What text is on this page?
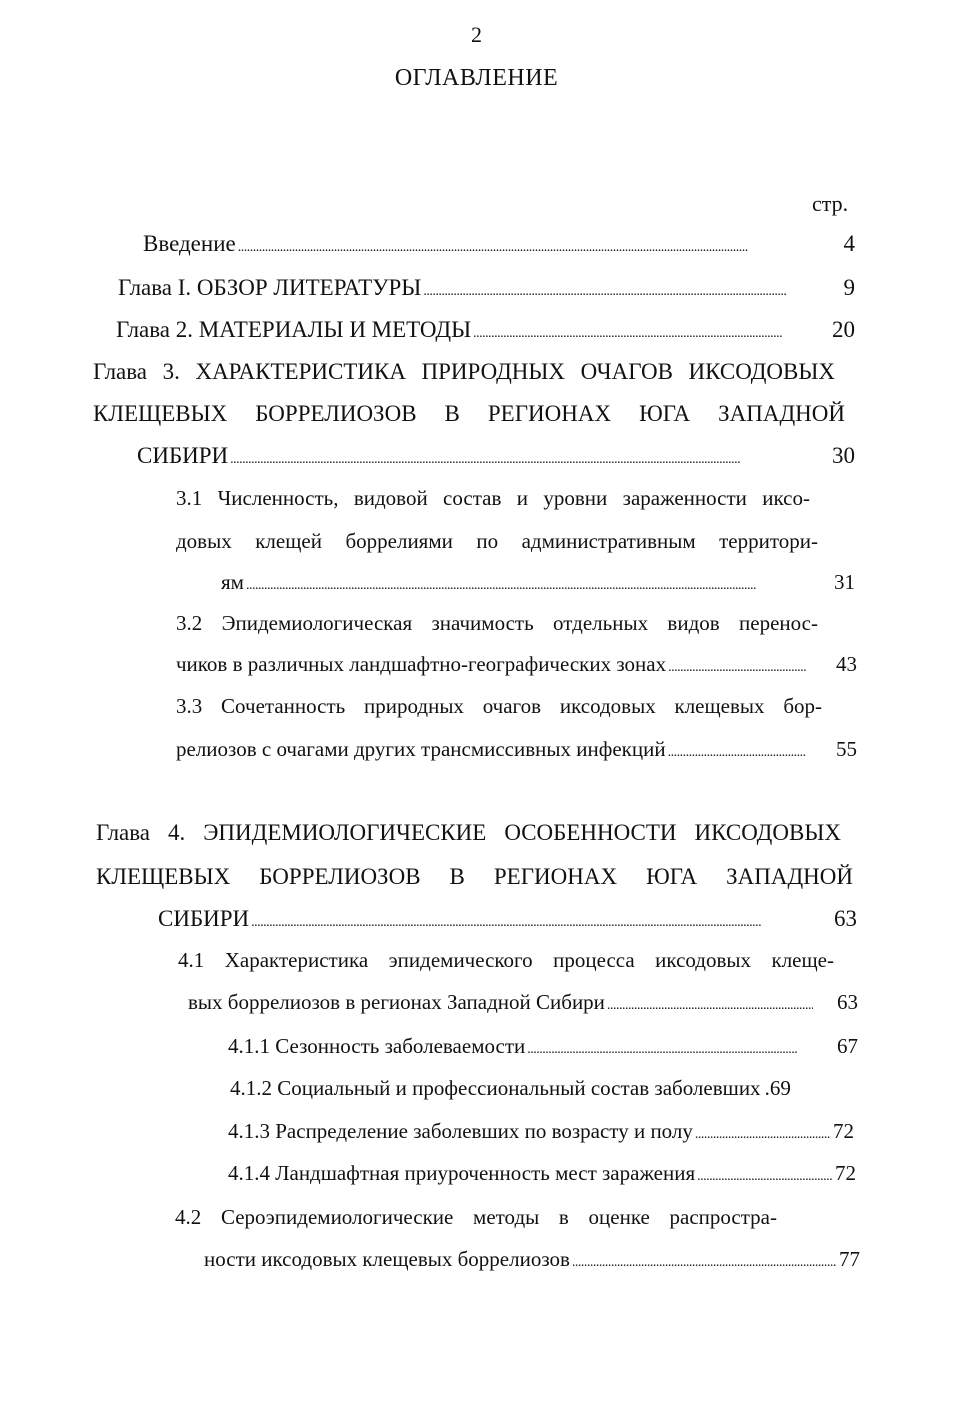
2
ОГЛАВЛЕНИЕ
стр.
Введение . . .	4
Глава I. ОБЗОР ЛИТЕРАТУРЫ . . .	9
Глава 2. МАТЕРИАЛЫ И МЕТОДЫ . . .	20
Глава 3. ХАРАКТЕРИСТИКА ПРИРОДНЫХ ОЧАГОВ ИКСОДОВЫХ
КЛЕЩЕВЫХ БОРРЕЛИОЗОВ В РЕГИОНАХ ЮГА ЗАПАДНОЙ
СИБИРИ . . .	30
3.1 Численность, видовой состав и уровни зараженности иксо-
довых клещей боррелиями по административным территори-
ям . . .	31
3.2 Эпидемиологическая значимость отдельных видов перенос-
чиков в различных ландшафтно-географических зонах . . .	43
3.3 Сочетанность природных очагов иксодовых клещевых бор-
релиозов с очагами других трансмиссивных инфекций . . .	55
Глава 4. ЭПИДЕМИОЛОГИЧЕСКИЕ ОСОБЕННОСТИ ИКСОДОВЫХ
КЛЕЩЕВЫХ БОРРЕЛИОЗОВ В РЕГИОНАХ ЮГА ЗАПАДНОЙ
СИБИРИ . . .	63
4.1 Характеристика эпидемического процесса иксодовых клеще-
вых боррелиозов в регионах Западной Сибири . . .	63
4.1.1 Сезонность заболеваемости . . .	67
4.1.2 Социальный и профессиональный состав заболевших .69
4.1.3 Распределение заболевших по возрасту и полу . . .	72
4.1.4 Ландшафтная приуроченность мест заражения . . .	72
4.2 Сероэпидемиологические методы в оценке распростра-
ности иксодовых клещевых боррелиозов . . .	77
